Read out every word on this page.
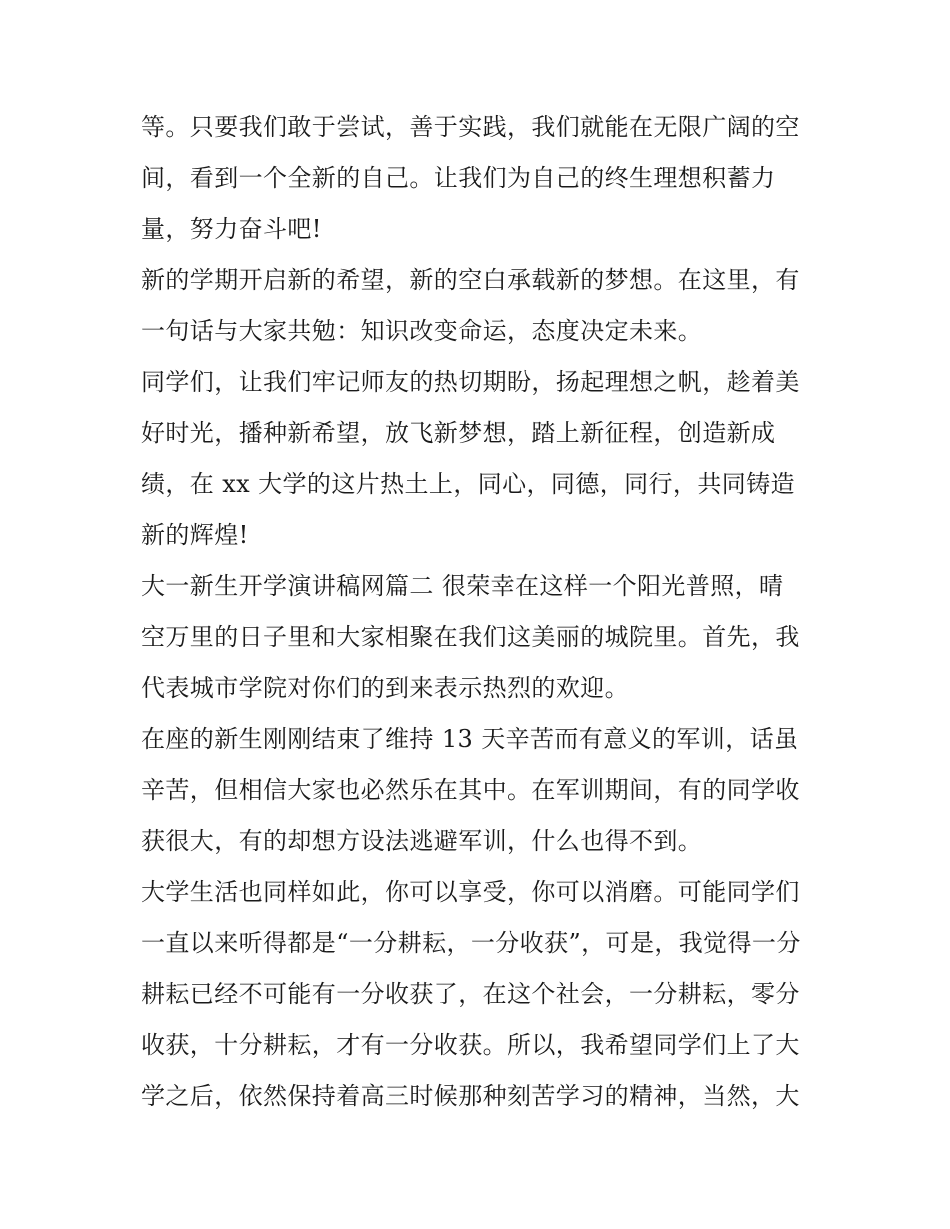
等。只要我们敢于尝试，善于实践，我们就能在无限广阔的空
间，看到一个全新的自己。让我们为自己的终生理想积蓄力
量，努力奋斗吧!
新的学期开启新的希望，新的空白承载新的梦想。在这里，有
一句话与大家共勉：知识改变命运，态度决定未来。
同学们，让我们牢记师友的热切期盼，扬起理想之帆，趁着美
好时光，播种新希望，放飞新梦想，踏上新征程，创造新成
绩，在 xx 大学的这片热土上，同心，同德，同行，共同铸造
新的辉煌!
大一新生开学演讲稿网篇二 很荣幸在这样一个阳光普照，晴
空万里的日子里和大家相聚在我们这美丽的城院里。首先，我
代表城市学院对你们的到来表示热烈的欢迎。
在座的新生刚刚结束了维持 13 天辛苦而有意义的军训，话虽
辛苦，但相信大家也必然乐在其中。在军训期间，有的同学收
获很大，有的却想方设法逃避军训，什么也得不到。
大学生活也同样如此，你可以享受，你可以消磨。可能同学们
一直以来听得都是“一分耕耘，一分收获”，可是，我觉得一分
耕耘已经不可能有一分收获了，在这个社会，一分耕耘，零分
收获，十分耕耘，才有一分收获。所以，我希望同学们上了大
学之后，依然保持着高三时候那种刻苦学习的精神，当然，大
